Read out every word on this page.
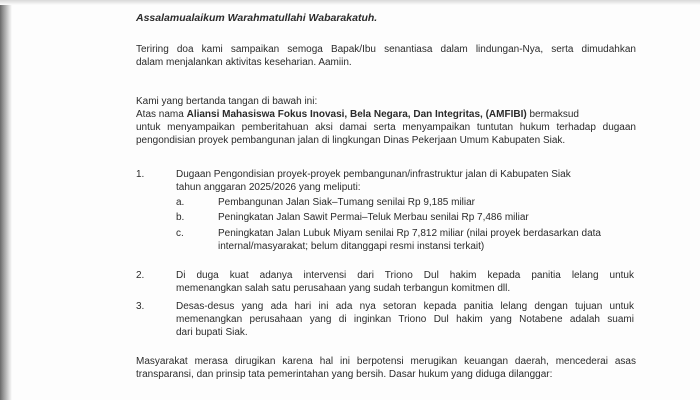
Assalamualaikum Warahmatullahi Wabarakatuh.
Teriring doa kami sampaikan semoga Bapak/Ibu senantiasa dalam lindungan-Nya, serta dimudahkan
dalam menjalankan aktivitas keseharian. Aamiin.
Kami yang bertanda tangan di bawah ini:
Atas nama Aliansi Mahasiswa Fokus Inovasi, Bela Negara, Dan Integritas, (AMFIBI) bermaksud
untuk menyampaikan pemberitahuan aksi damai serta menyampaikan tuntutan hukum terhadap dugaan
pengondisian proyek pembangunan jalan di lingkungan Dinas Pekerjaan Umum Kabupaten Siak.
1.	Dugaan Pengondisian proyek-proyek pembangunan/infrastruktur jalan di Kabupaten Siak
tahun anggaran 2025/2026 yang meliputi:
a.	Pembangunan Jalan Siak–Tumang senilai Rp 9,185 miliar
b.	Peningkatan Jalan Sawit Permai–Teluk Merbau senilai Rp 7,486 miliar
c.	Peningkatan Jalan Lubuk Miyam senilai Rp 7,812 miliar (nilai proyek berdasarkan data
internal/masyarakat; belum ditanggapi resmi instansi terkait)
2.	Di duga kuat adanya intervensi dari Triono Dul hakim kepada panitia lelang untuk
memenangkan salah satu perusahaan yang sudah terbangun komitmen dll.
3.	Desas-desus yang ada hari ini ada nya setoran kepada panitia lelang dengan tujuan untuk
memenangkan perusahaan yang di inginkan Triono Dul hakim yang Notabene adalah suami
dari bupati Siak.
Masyarakat merasa dirugikan karena hal ini berpotensi merugikan keuangan daerah, mencederai asas
transparansi, dan prinsip tata pemerintahan yang bersih. Dasar hukum yang diduga dilanggar:
